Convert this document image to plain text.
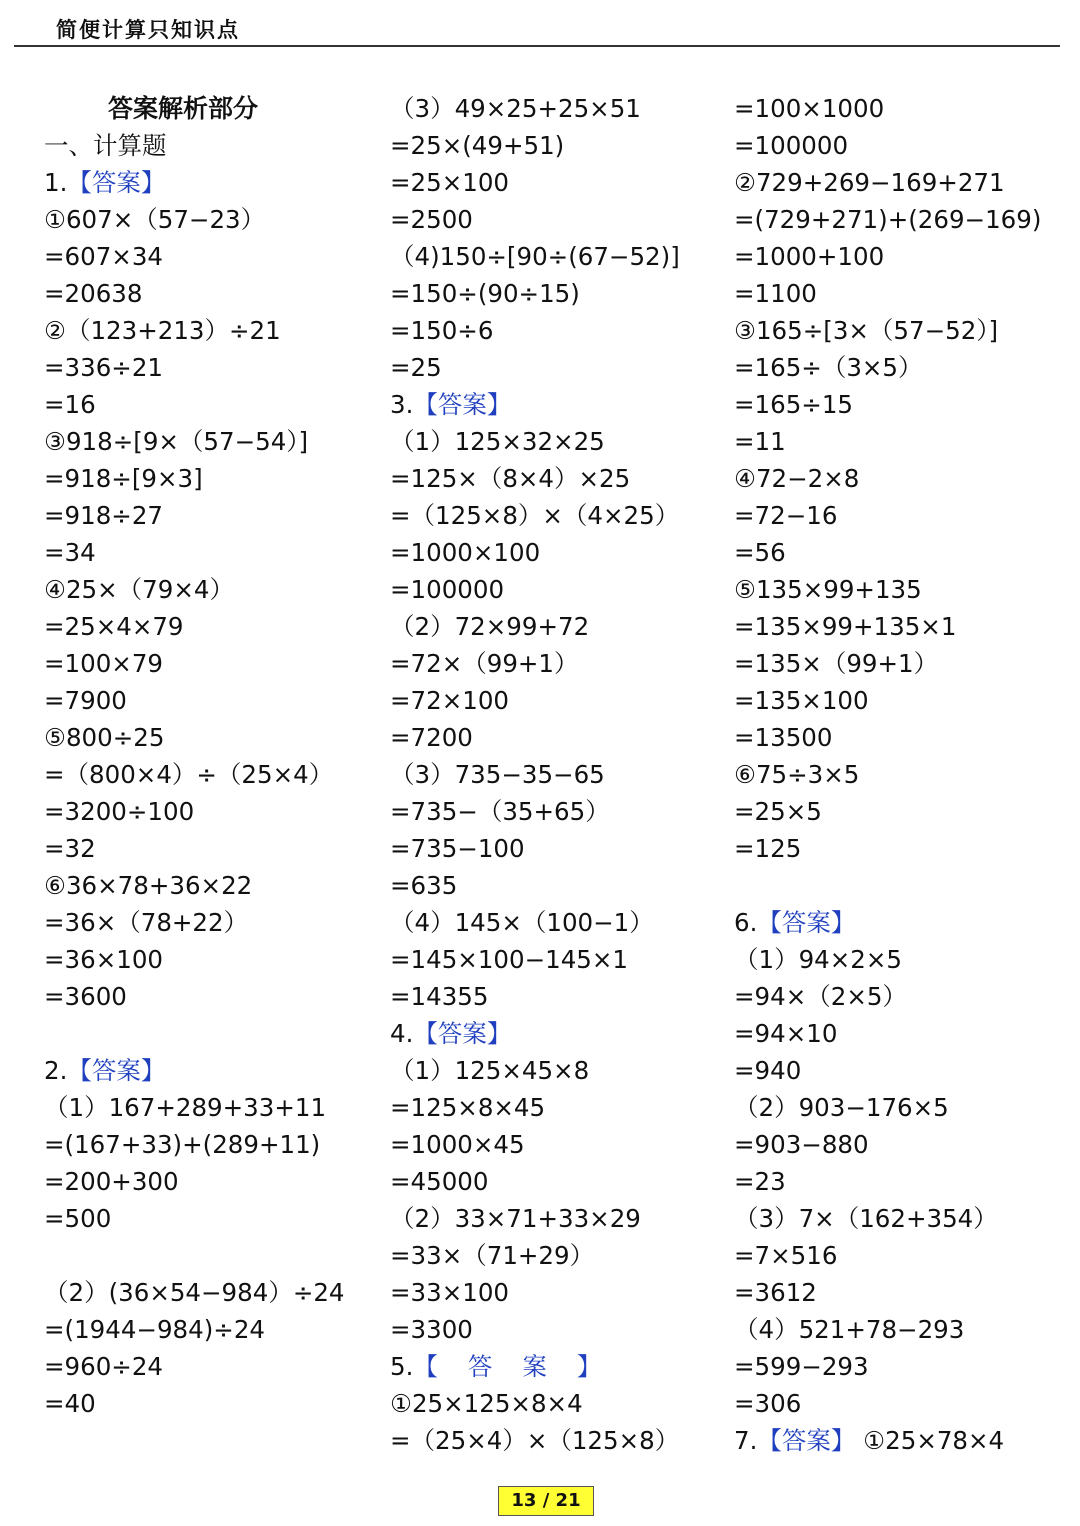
简便计算只知识点
答案解析部分
一、计算题
1.【答案】
①607×（57−23）
=607×34
=20638
②（123+213）÷21
=336÷21
=16
③918÷[9×（57−54）]
=918÷[9×3]
=918÷27
=34
④25×（79×4）
=25×4×79
=100×79
=7900
⑤800÷25
=（800×4）÷（25×4）
=3200÷100
=32
⑥36×78+36×22
=36×（78+22）
=36×100
=3600
2.【答案】
（1）167+289+33+11
=(167+33)+(289+11)
=200+300
=500
（2）(36×54−984）÷24
=(1944−984)÷24
=960÷24
=40
（3）49×25+25×51
=25×(49+51)
=25×100
=2500
（4)150÷[90÷(67−52)]
=150÷(90÷15)
=150÷6
=25
3.【答案】
（1）125×32×25
=125×（8×4）×25
=（125×8）×（4×25）
=1000×100
=100000
（2）72×99+72
=72×（99+1）
=72×100
=7200
（3）735−35−65
=735−（35+65）
=735−100
=635
（4）145×（100−1）
=145×100−145×1
=14355
4.【答案】
（1）125×45×8
=125×8×45
=1000×45
=45000
（2）33×71+33×29
=33×（71+29）
=33×100
=3300
5.【答案】
①25×125×8×4
=（25×4）×（125×8）
=100×1000
=100000
②729+269−169+271
=(729+271)+(269−169)
=1000+100
=1100
③165÷[3×（57−52）]
=165÷（3×5）
=165÷15
=11
④72−2×8
=72−16
=56
⑤135×99+135
=135×99+135×1
=135×（99+1）
=135×100
=13500
⑥75÷3×5
=25×5
=125
6.【答案】
（1）94×2×5
=94×（2×5）
=94×10
=940
（2）903−176×5
=903−880
=23
（3）7×（162+354）
=7×516
=3612
（4）521+78−293
=599−293
=306
7.【答案】 ①25×78×4
13 / 21
